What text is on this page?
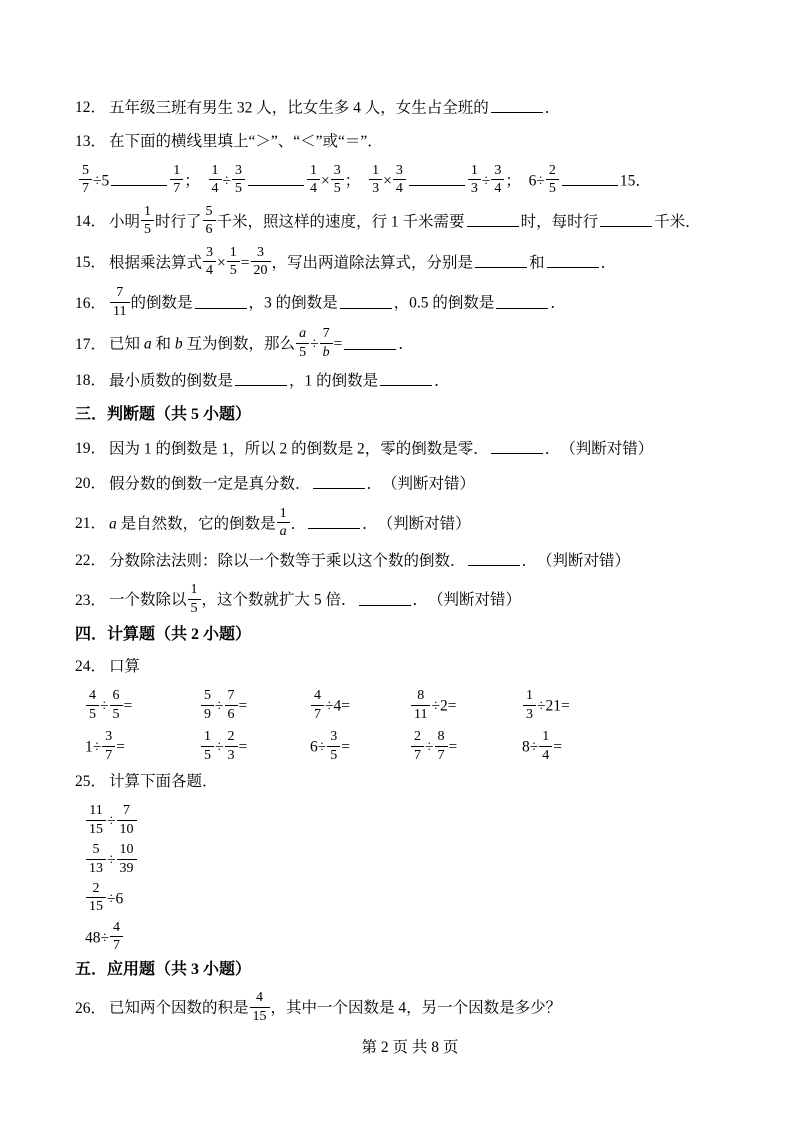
12． 五年级三班有男生 32 人，比女生多 4 人，女生占全班的	．
13． 在下面的横线里填上“＞”、“＜”或“＝”．
$\frac{5}{7} \div 5$	$\frac{1}{7}$ ；　 $\frac{1}{4} \div \frac{3}{5}$	$\frac{1}{4} \times \frac{3}{5}$ ；　 $\frac{1}{3} \times \frac{3}{4}$	$\frac{1}{3} \div \frac{3}{4}$ ；　$6\div \frac{2}{5}$	15．
14． 小明 $\frac{1}{5}$ 时行了 $\frac{5}{6}$ 千米，照这样的速度，行 1 千米需要	时，每时行	千米．
15． 根据乘法算式 $\frac{3}{4} \times \frac{1}{5} = \frac{3}{20}$ ，写出两道除法算式，分别是	和	．
16． $\frac{7}{11}$ 的倒数是	，3 的倒数是	，0.5 的倒数是	．
17． 已知 a 和 b 互为倒数，那么 $\frac{a}{5} \div \frac{7}{b}$ =	．
18． 最小质数的倒数是	，1 的倒数是	．
三．判断题（共 5 小题）
19． 因为 1 的倒数是 1，所以 2 的倒数是 2，零的倒数是零．	．　（判断对错）
20． 假分数的倒数一定是真分数．	．　（判断对错）
21． a 是自然数，它的倒数是 $\frac{1}{a}$ ．	．　（判断对错）
22． 分数除法法则：除以一个数等于乘以这个数的倒数．	．　（判断对错）
23． 一个数除以 $\frac{1}{5}$ ，这个数就扩大 5 倍．	．　（判断对错）
四．计算题（共 2 小题）
24． 口算
$\frac{4}{5} \div \frac{6}{5}$ =	$\frac{5}{9} \div \frac{7}{6}$ =	$\frac{4}{7} \div 4=$	$\frac{8}{11} \div 2=$	$\frac{1}{3} \div 21=$
$1\div \frac{3}{7}$ =	$\frac{1}{5} \div \frac{2}{3}$ =	$6\div \frac{3}{5}$ =	$\frac{2}{7} \div \frac{8}{7}$ =	$8\div \frac{1}{4}$ =
25． 计算下面各题．
$\frac{11}{15} \div \frac{7}{10}$
$\frac{5}{13} \div \frac{10}{39}$
$\frac{2}{15} \div 6$
$48\div \frac{4}{7}$
五．应用题（共 3 小题）
26． 已知两个因数的积是 $\frac{4}{15}$ ，其中一个因数是 4，另一个因数是多少？
第 2 页 共 8 页
